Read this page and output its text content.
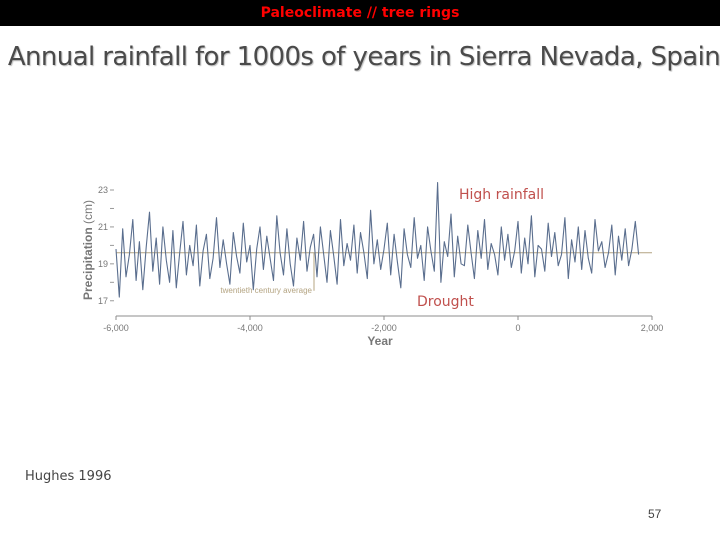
Paleoclimate // tree rings
Annual rainfall for 1000s of years in Sierra Nevada, Spain
-6,000	-4,000	-2,000	0	2,000
Year
17
19
21
23
Precipitation (cm)
twentieth century average
High rainfall
Drought
Hughes 1996
57
